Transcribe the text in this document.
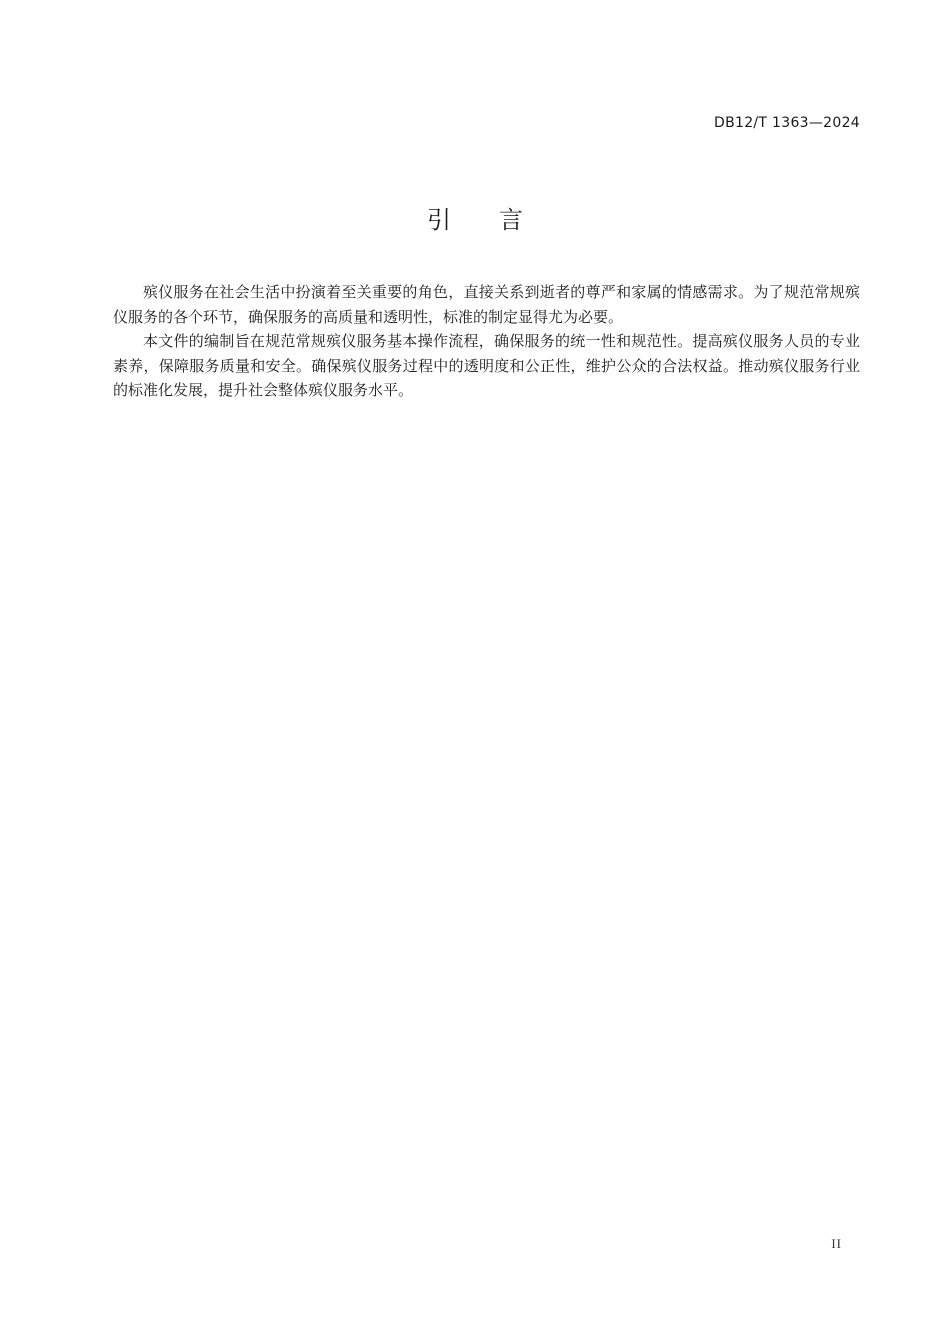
DB12/T 1363—2024
引言

殡仪服务在社会生活中扮演着至关重要的角色，直接关系到逝者的尊严和家属的情感需求。为了规范常规殡仪服务的各个环节，确保服务的高质量和透明性，标准的制定显得尤为必要。

本文件的编制旨在规范常规殡仪服务基本操作流程，确保服务的统一性和规范性。提高殡仪服务人员的专业素养，保障服务质量和安全。确保殡仪服务过程中的透明度和公正性，维护公众的合法权益。推动殡仪服务行业的标准化发展，提升社会整体殡仪服务水平。

II
